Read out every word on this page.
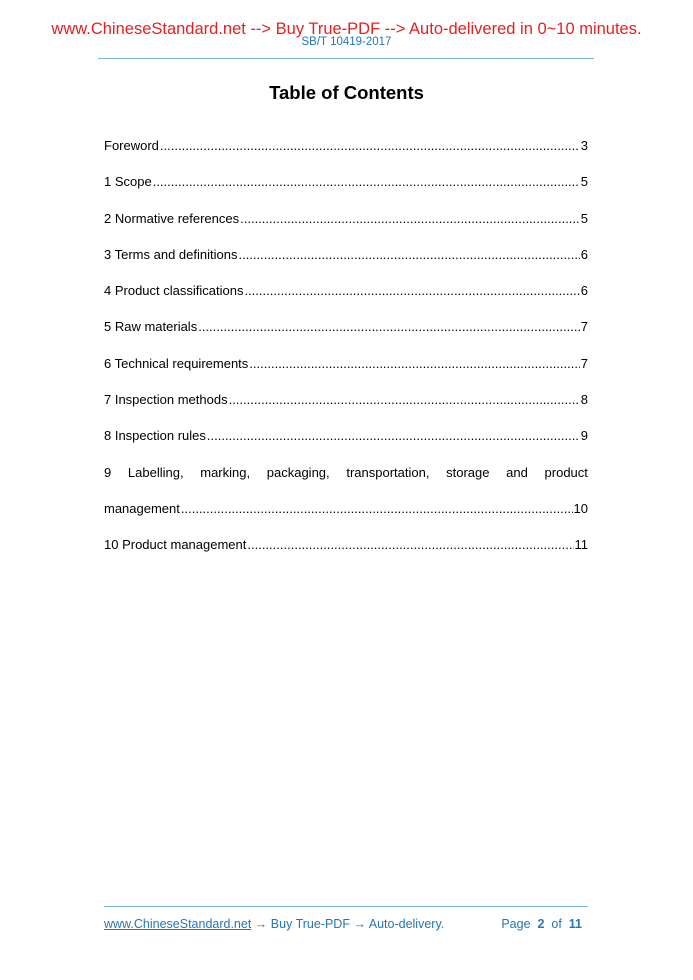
www.ChineseStandard.net --> Buy True-PDF --> Auto-delivered in 0~10 minutes.
SB/T 10419-2017
Table of Contents
Foreword .....	3
1 Scope .....	5
2 Normative references .....	5
3 Terms and definitions .....	6
4 Product classifications .....	6
5 Raw materials .....	7
6 Technical requirements .....	7
7 Inspection methods .....	8
8 Inspection rules .....	9
9 Labelling, marking, packaging, transportation, storage and product
management .....	10
10 Product management .....	11
www.ChineseStandard.net → Buy True-PDF → Auto-delivery.	Page 2 of 11
